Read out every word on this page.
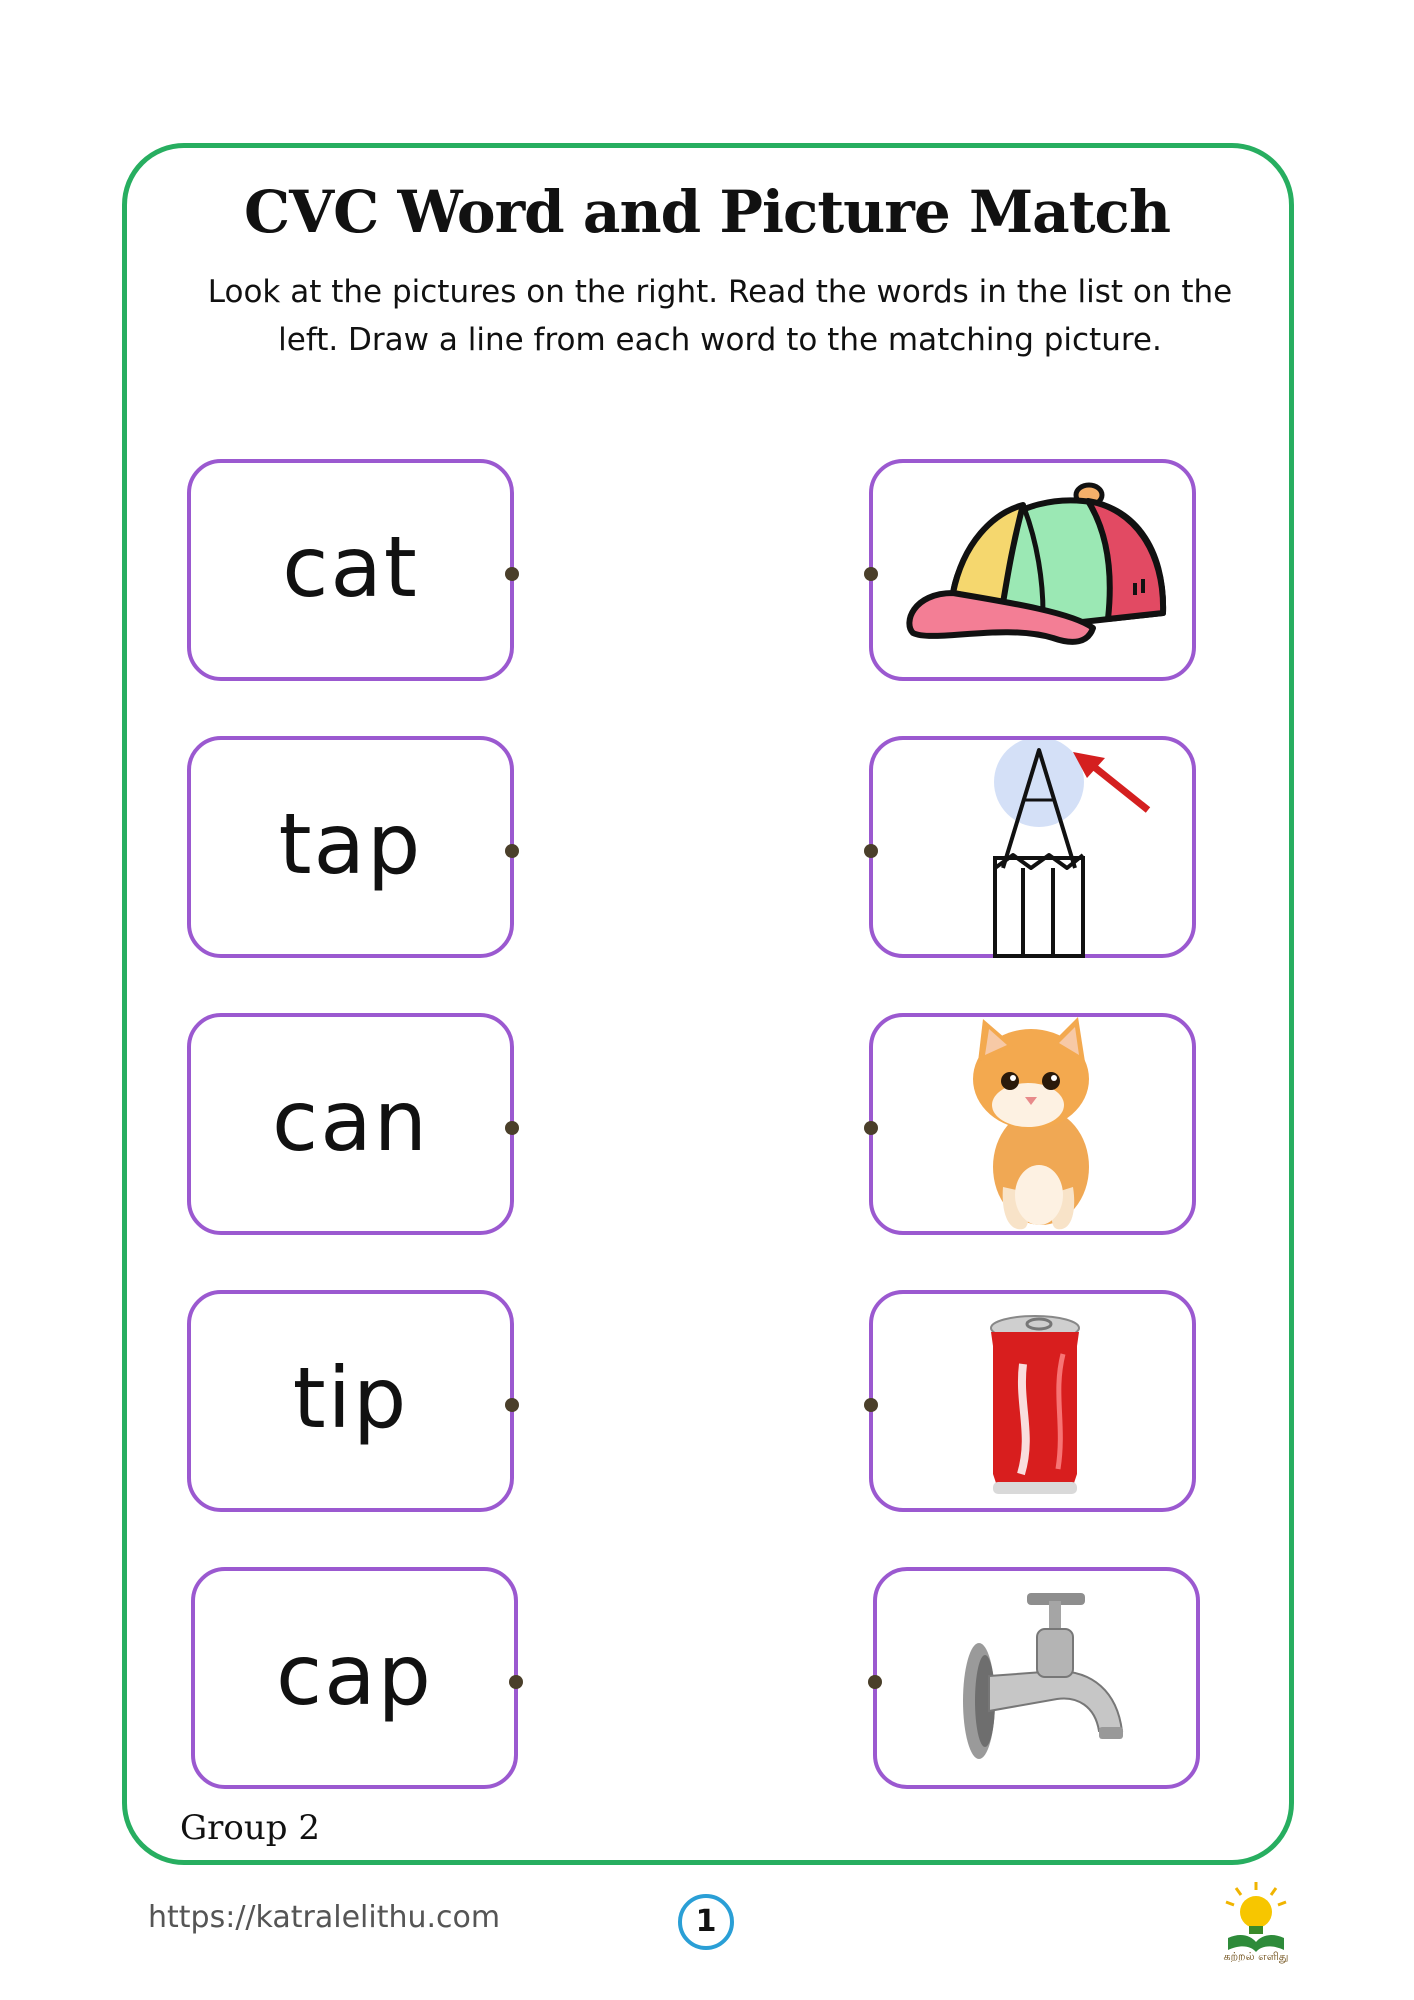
CVC Word and Picture Match
Look at the pictures on the right. Read the words in the list on the
left. Draw a line from each word to the matching picture.
cat
tap
can
tip
cap
Group 2
https://katralelithu.com	1
கற்றல் எளிது
